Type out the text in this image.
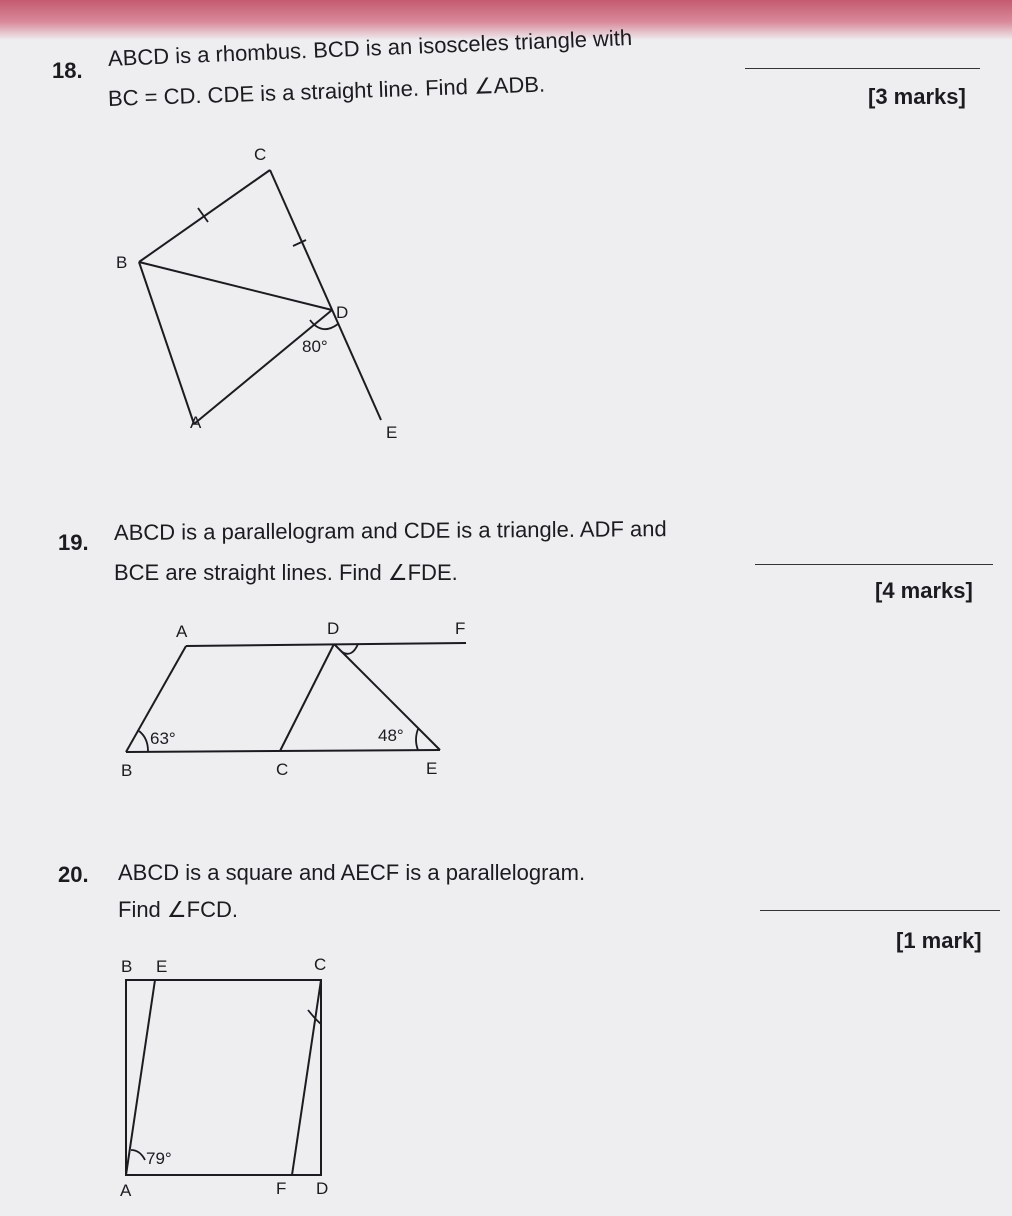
18. ABCD is a rhombus. BCD is an isosceles triangle with
BC = CD. CDE is a straight line. Find ∠ADB.	[3 marks]
19. ABCD is a parallelogram and CDE is a triangle. ADF and
BCE are straight lines. Find ∠FDE.
[4 marks]
20. ABCD is a square and AECF is a parallelogram.
Find ∠FCD.
[1 mark]
C
B
D
A
E
80°
A	D	F
B	C	E
63°	48°
B E	C
A	F D
79°
